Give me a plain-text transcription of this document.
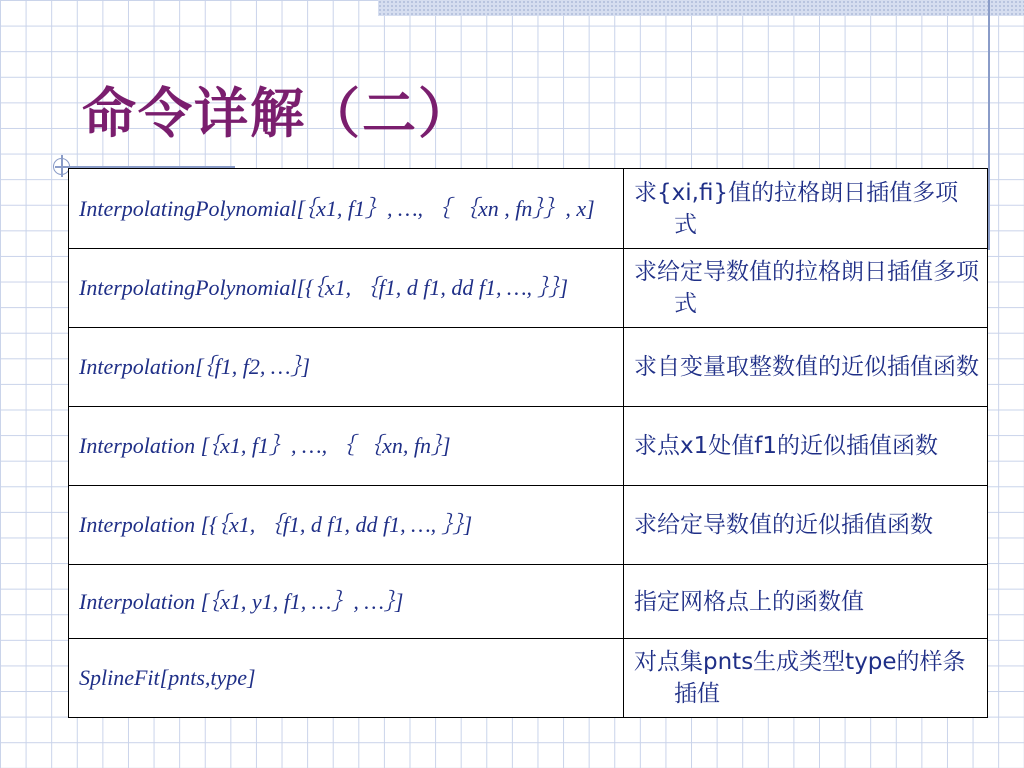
命令详解（二）
InterpolatingPolynomial[｛x1, f1｝, …, ｛ ｛xn , fn｝｝, x]	求{xi,fi}值的拉格朗日插值多项式

InterpolatingPolynomial[{｛x1, ｛f1, d f1, dd f1, …, ｝｝]	求给定导数值的拉格朗日插值多项式

Interpolation[｛f1, f2, …｝]	求自变量取整数值的近似插值函数

Interpolation [｛x1, f1｝, …, ｛ ｛xn, fn｝]	求点x1处值f1的近似插值函数

Interpolation [{｛x1, ｛f1, d f1, dd f1, …, ｝｝]	求给定导数值的近似插值函数

Interpolation [｛x1, y1, f1, …｝, …｝]	指定网格点上的函数值

SplineFit[pnts,type]	对点集pnts生成类型type的样条插值
